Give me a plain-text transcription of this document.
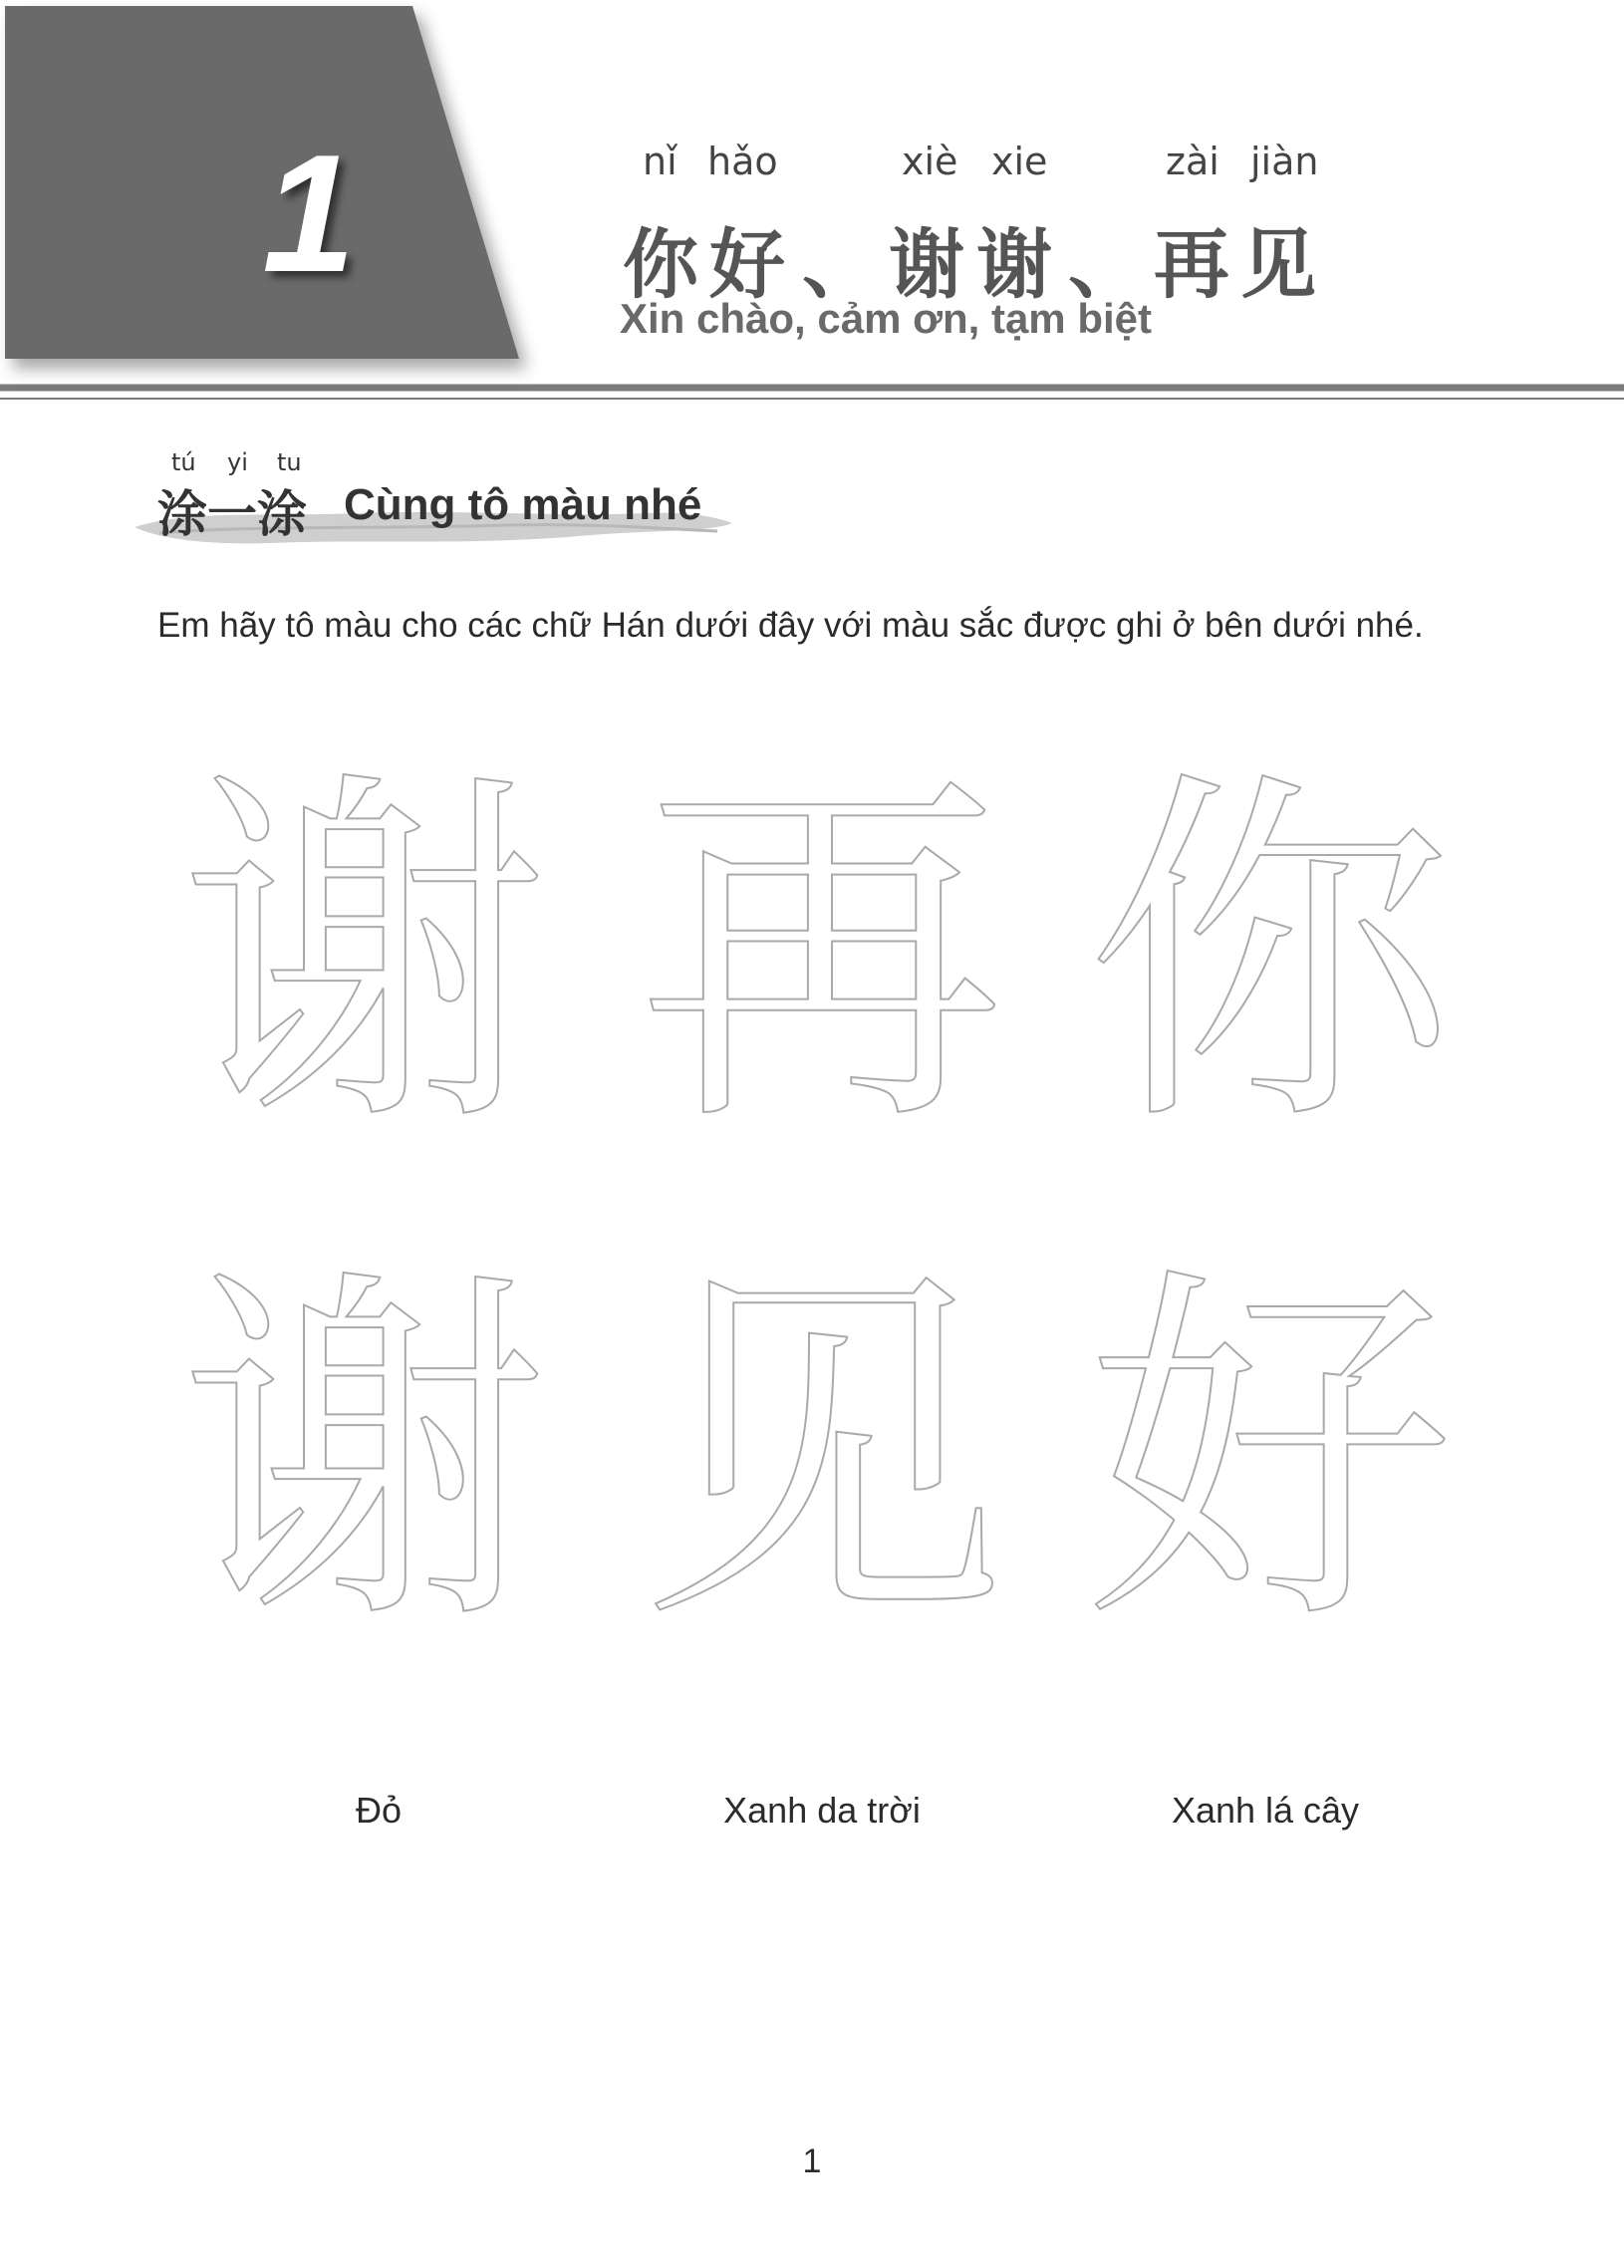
1	nǐ hǎo	xiè xie	zài jiàn
你 好 、 谢 谢 、 再 见
Xin chào, cảm ơn, tạm biệt
tú yi tu
涂一涂 Cùng tô màu nhé
Em hãy tô màu cho các chữ Hán dưới đây với màu sắc được ghi ở bên dưới nhé.
谢 再 你
谢 见 好
Đỏ	Xanh da trời	Xanh lá cây
1
